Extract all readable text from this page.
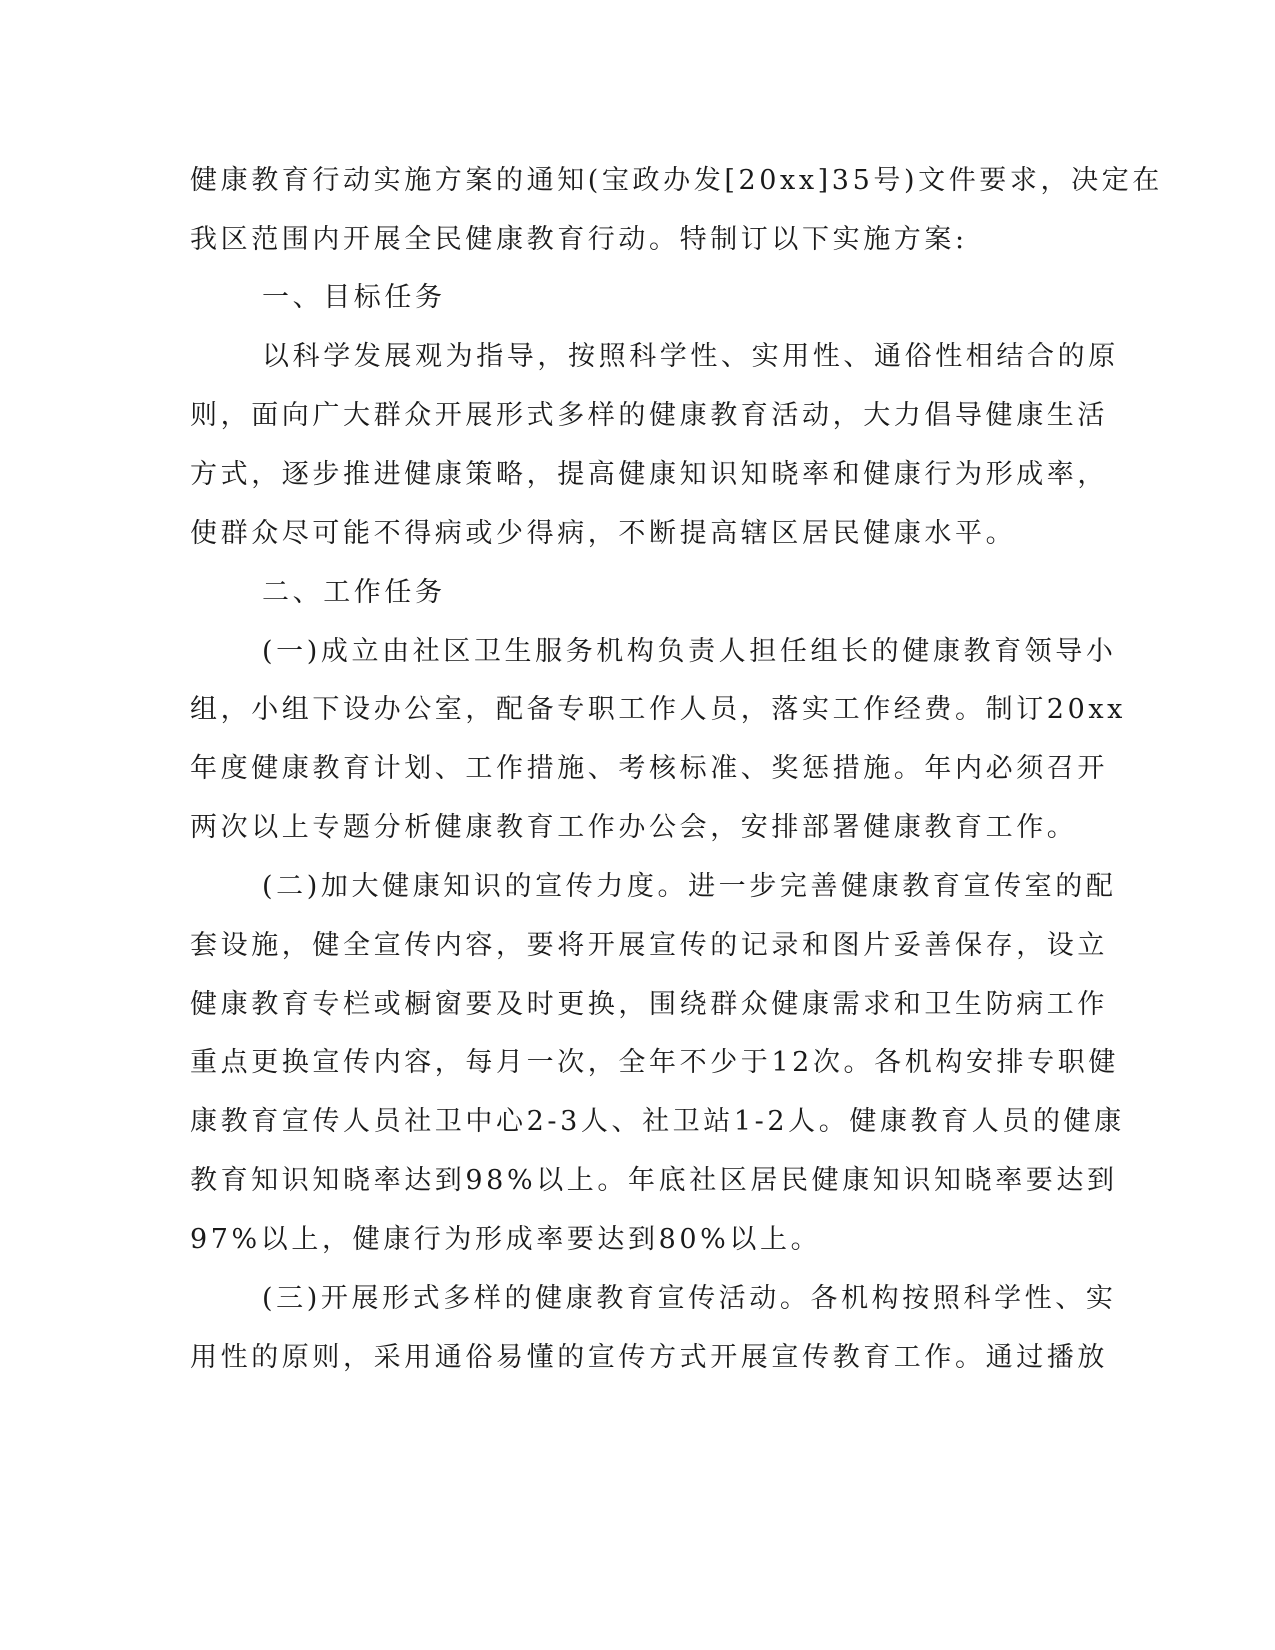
健康教育行动实施方案的通知(宝政办发[20xx]35号)文件要求，决定在
我区范围内开展全民健康教育行动。特制订以下实施方案:
一、目标任务
以科学发展观为指导，按照科学性、实用性、通俗性相结合的原
则，面向广大群众开展形式多样的健康教育活动，大力倡导健康生活
方式，逐步推进健康策略，提高健康知识知晓率和健康行为形成率，
使群众尽可能不得病或少得病，不断提高辖区居民健康水平。
二、工作任务
(一)成立由社区卫生服务机构负责人担任组长的健康教育领导小
组，小组下设办公室，配备专职工作人员，落实工作经费。制订20xx
年度健康教育计划、工作措施、考核标准、奖惩措施。年内必须召开
两次以上专题分析健康教育工作办公会，安排部署健康教育工作。
(二)加大健康知识的宣传力度。进一步完善健康教育宣传室的配
套设施，健全宣传内容，要将开展宣传的记录和图片妥善保存，设立
健康教育专栏或橱窗要及时更换，围绕群众健康需求和卫生防病工作
重点更换宣传内容，每月一次，全年不少于12次。各机构安排专职健
康教育宣传人员社卫中心2-3人、社卫站1-2人。健康教育人员的健康
教育知识知晓率达到98%以上。年底社区居民健康知识知晓率要达到
97%以上，健康行为形成率要达到80%以上。
(三)开展形式多样的健康教育宣传活动。各机构按照科学性、实
用性的原则，采用通俗易懂的宣传方式开展宣传教育工作。通过播放
